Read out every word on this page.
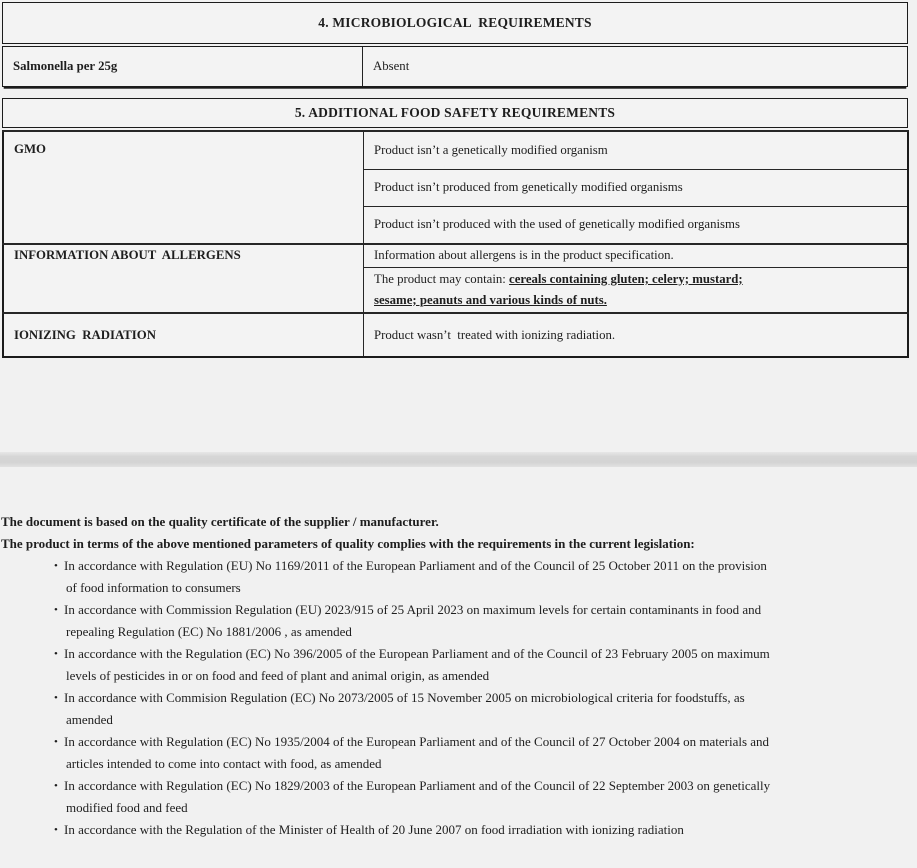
4. MICROBIOLOGICAL  REQUIREMENTS
Salmonella per 25g	Absent
5. ADDITIONAL FOOD SAFETY REQUIREMENTS
GMO	Product isn’t a genetically modified organism
	Product isn’t produced from genetically modified organisms
	Product isn’t produced with the used of genetically modified organisms
INFORMATION ABOUT  ALLERGENS	Information about allergens is in the product specification.

	The product may contain: cereals containing gluten; celery; mustard;
sesame; peanuts and various kinds of nuts.

IONIZING  RADIATION	Product wasn’t  treated with ionizing radiation.
The document is based on the quality certificate of the supplier / manufacturer.
The product in terms of the above mentioned parameters of quality complies with the requirements in the current legislation:
• In accordance with Regulation (EU) No 1169/2011 of the European Parliament and of the Council of 25 October 2011 on the provision
of food information to consumers
• In accordance with Commission Regulation (EU) 2023/915 of 25 April 2023 on maximum levels for certain contaminants in food and
repealing Regulation (EC) No 1881/2006 , as amended
• In accordance with the Regulation (EC) No 396/2005 of the European Parliament and of the Council of 23 February 2005 on maximum
levels of pesticides in or on food and feed of plant and animal origin, as amended
• In accordance with Commision Regulation (EC) No 2073/2005 of 15 November 2005 on microbiological criteria for foodstuffs, as
amended
• In accordance with Regulation (EC) No 1935/2004 of the European Parliament and of the Council of 27 October 2004 on materials and
articles intended to come into contact with food, as amended
• In accordance with Regulation (EC) No 1829/2003 of the European Parliament and of the Council of 22 September 2003 on genetically
modified food and feed
• In accordance with the Regulation of the Minister of Health of 20 June 2007 on food irradiation with ionizing radiation
